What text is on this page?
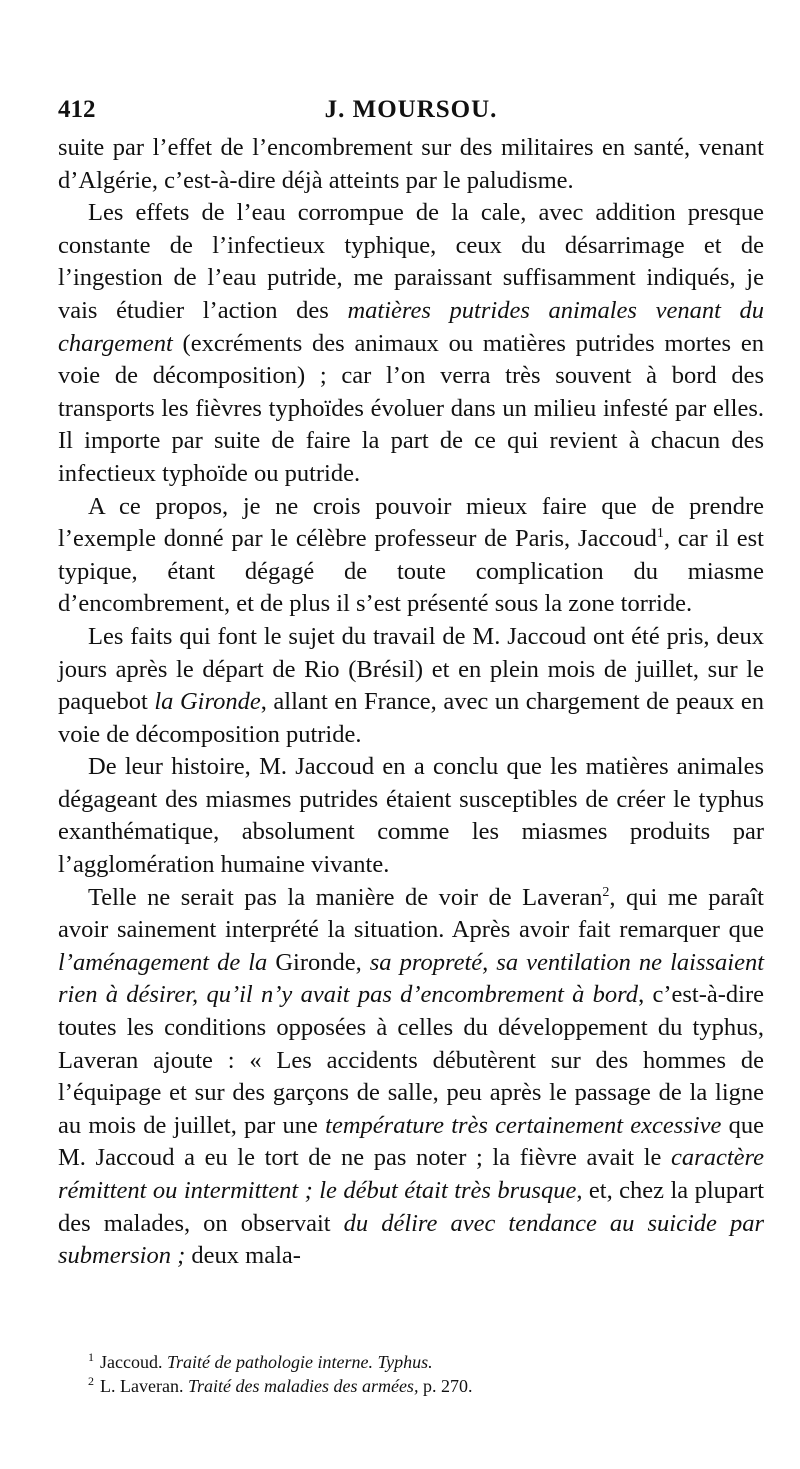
412	J. MOURSOU.

suite par l’effet de l’encombrement sur des militaires en santé, venant d’Algérie, c’est-à-dire déjà atteints par le paludisme.

Les effets de l’eau corrompue de la cale, avec addition presque constante de l’infectieux typhique, ceux du désarrimage et de l’ingestion de l’eau putride, me paraissant suffisamment indiqués, je vais étudier l’action des matières putrides animales venant du chargement (excréments des animaux ou matières putrides mortes en voie de décomposition) ; car l’on verra très souvent à bord des transports les fièvres typhoïdes évoluer dans un milieu infesté par elles. Il importe par suite de faire la part de ce qui revient à chacun des infectieux typhoïde ou putride.

A ce propos, je ne crois pouvoir mieux faire que de prendre l’exemple donné par le célèbre professeur de Paris, Jaccoud$^1$, car il est typique, étant dégagé de toute complication du miasme d’encombrement, et de plus il s’est présenté sous la zone torride.

Les faits qui font le sujet du travail de M. Jaccoud ont été pris, deux jours après le départ de Rio (Brésil) et en plein mois de juillet, sur le paquebot la Gironde, allant en France, avec un chargement de peaux en voie de décomposition putride.

De leur histoire, M. Jaccoud en a conclu que les matières animales dégageant des miasmes putrides étaient susceptibles de créer le typhus exanthématique, absolument comme les miasmes produits par l’agglomération humaine vivante.

Telle ne serait pas la manière de voir de Laveran$^2$, qui me paraît avoir sainement interprété la situation. Après avoir fait remarquer que l’aménagement de la Gironde, sa propreté, sa ventilation ne laissaient rien à désirer, qu’il n’y avait pas d’encombrement à bord, c’est-à-dire toutes les conditions opposées à celles du développement du typhus, Laveran ajoute : « Les accidents débutèrent sur des hommes de l’équipage et sur des garçons de salle, peu après le passage de la ligne au mois de juillet, par une température très certainement excessive que M. Jaccoud a eu le tort de ne pas noter ; la fièvre avait le caractère rémittent ou intermittent ; le début était très brusque, et, chez la plupart des malades, on observait du délire avec tendance au suicide par submersion ; deux mala-

$^1$ Jaccoud. Traité de pathologie interne. Typhus.

$^2$ L. Laveran. Traité des maladies des armées, p. 270.
